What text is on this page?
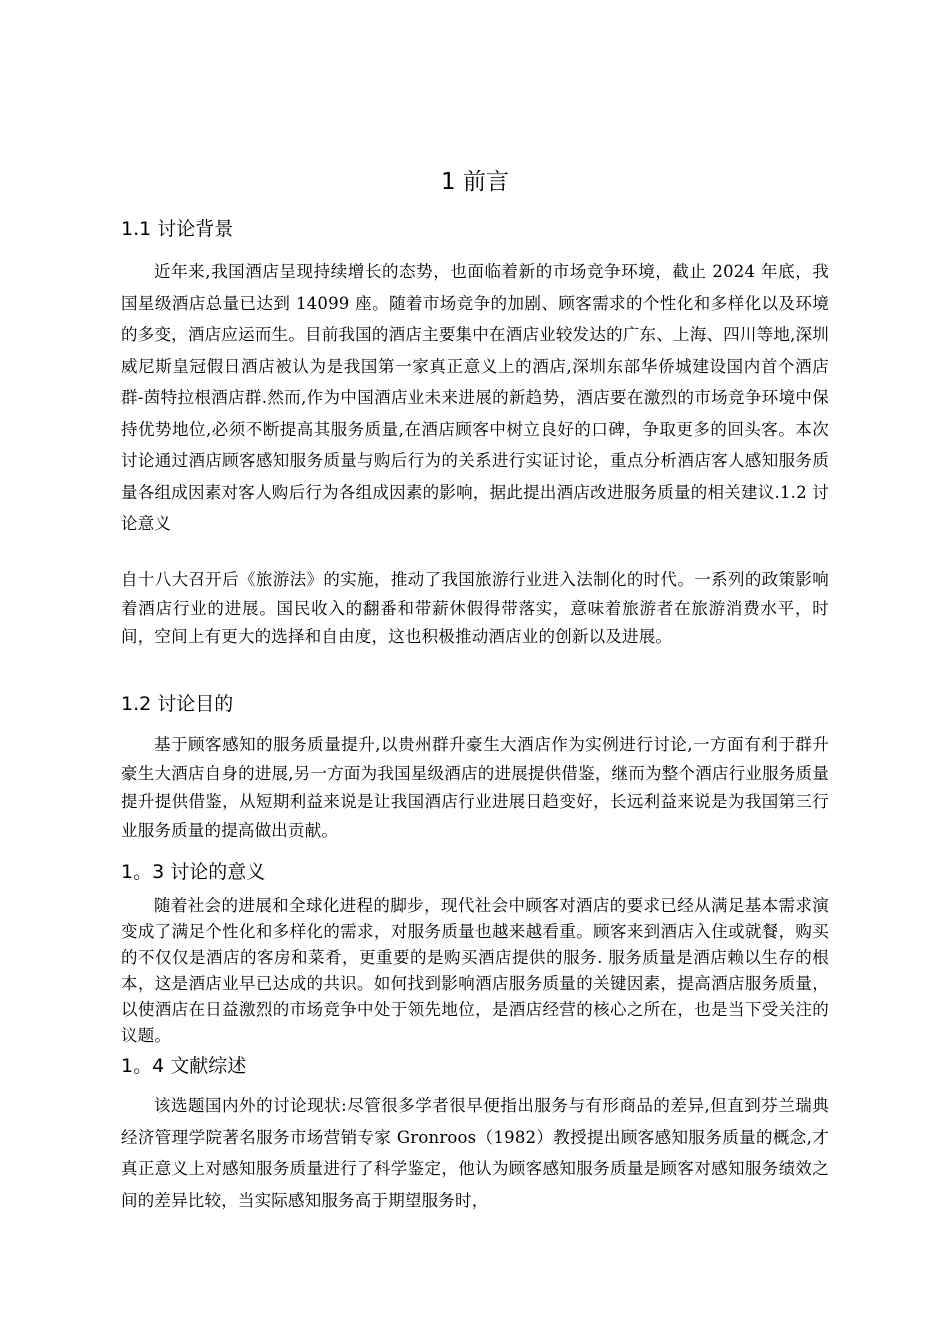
1 前言
1.1 讨论背景

近年来,我国酒店呈现持续增长的态势，也面临着新的市场竞争环境，截止 2024 年底，我国星级酒店总量已达到 14099 座。随着市场竞争的加剧、顾客需求的个性化和多样化以及环境的多变，酒店应运而生。目前我国的酒店主要集中在酒店业较发达的广东、上海、四川等地,深圳威尼斯皇冠假日酒店被认为是我国第一家真正意义上的酒店,深圳东部华侨城建设国内首个酒店群-茵特拉根酒店群.然而,作为中国酒店业未来进展的新趋势，酒店要在激烈的市场竞争环境中保持优势地位,必须不断提高其服务质量,在酒店顾客中树立良好的口碑，争取更多的回头客。本次讨论通过酒店顾客感知服务质量与购后行为的关系进行实证讨论，重点分析酒店客人感知服务质量各组成因素对客人购后行为各组成因素的影响，据此提出酒店改进服务质量的相关建议.1.2 讨论意义

自十八大召开后《旅游法》的实施，推动了我国旅游行业进入法制化的时代。一系列的政策影响着酒店行业的进展。国民收入的翻番和带薪休假得带落实，意味着旅游者在旅游消费水平，时间，空间上有更大的选择和自由度，这也积极推动酒店业的创新以及进展。

1.2 讨论目的

基于顾客感知的服务质量提升,以贵州群升豪生大酒店作为实例进行讨论,一方面有利于群升豪生大酒店自身的进展,另一方面为我国星级酒店的进展提供借鉴，继而为整个酒店行业服务质量提升提供借鉴，从短期利益来说是让我国酒店行业进展日趋变好，长远利益来说是为我国第三行业服务质量的提高做出贡献。

1。3 讨论的意义

随着社会的进展和全球化进程的脚步，现代社会中顾客对酒店的要求已经从满足基本需求演变成了满足个性化和多样化的需求，对服务质量也越来越看重。顾客来到酒店入住或就餐，购买的不仅仅是酒店的客房和菜肴，更重要的是购买酒店提供的服务. 服务质量是酒店赖以生存的根本，这是酒店业早已达成的共识。如何找到影响酒店服务质量的关键因素，提高酒店服务质量，以使酒店在日益激烈的市场竞争中处于领先地位，是酒店经营的核心之所在，也是当下受关注的议题。

1。4 文献综述

该选题国内外的讨论现状:尽管很多学者很早便指出服务与有形商品的差异,但直到芬兰瑞典经济管理学院著名服务市场营销专家 Gronroos（1982）教授提出顾客感知服务质量的概念,才真正意义上对感知服务质量进行了科学鉴定，他认为顾客感知服务质量是顾客对感知服务绩效之间的差异比较，当实际感知服务高于期望服务时，
